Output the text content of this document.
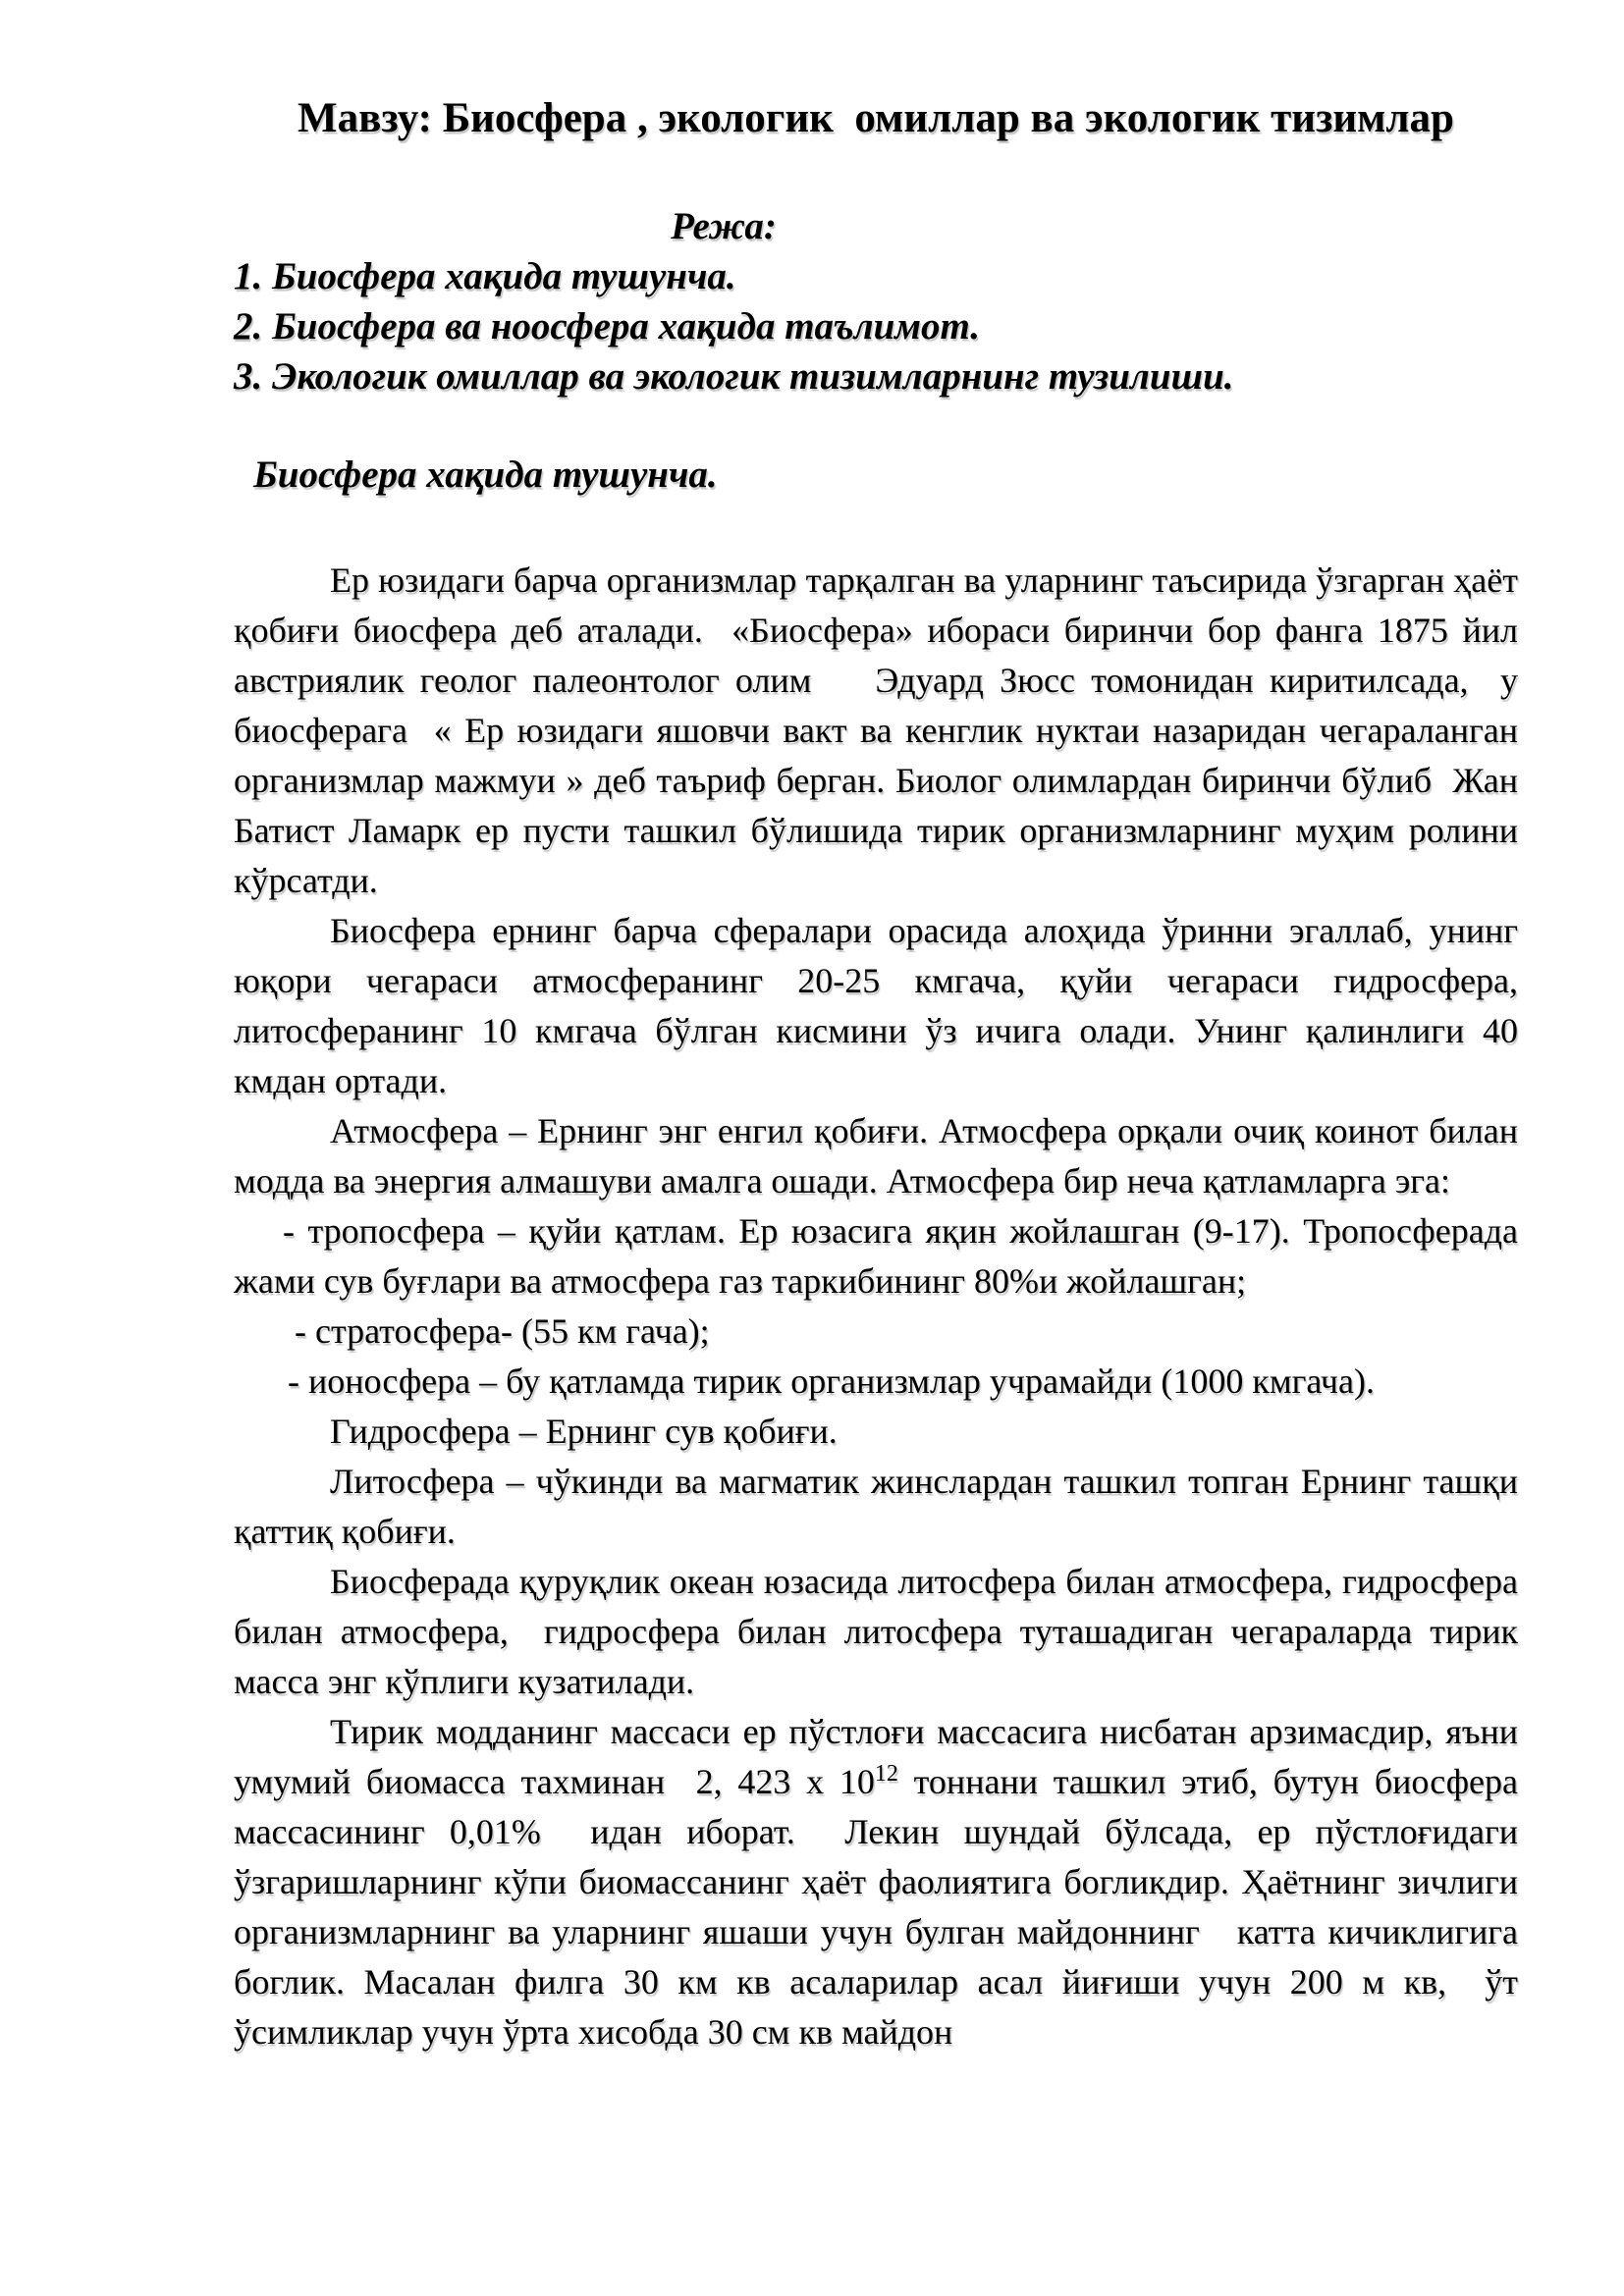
Мавзу: Биосфера , экологик  омиллар ва экологик тизимлар

Режа:

1. Биосфера хақида тушунча.

2. Биосфера ва ноосфера хақида таълимот.

3. Экологик омиллар ва экологик тизимларнинг тузилиши.

Биосфера хақида тушунча.

Ер юзидаги барча организмлар тарқалган ва уларнинг таъсирида ўзгарган ҳаёт қобиғи биосфера деб аталади.  «Биосфера» ибораси биринчи бор фанга 1875 йил  австриялик геолог палеонтолог олим    Эдуард Зюсс томонидан киритилсада,  у биосферага  « Ер юзидаги яшовчи вакт ва кенглик нуктаи назаридан чегараланган организмлар мажмуи » деб таъриф берган. Биолог олимлардан биринчи бўлиб  Жан Батист Ламарк ер пусти ташкил бўлишида тирик организмларнинг муҳим ролини кўрсатди.

Биосфера ернинг барча сфералари орасида алоҳида ўринни эгаллаб, унинг юқори чегараси атмосферанинг 20-25 кмгача, қуйи чегараси гидросфера, литосферанинг 10 кмгача бўлган кисмини ўз ичига олади. Унинг қалинлиги 40 кмдан ортади.

Атмосфера – Ернинг энг енгил қобиғи. Атмосфера орқали очиқ коинот билан модда ва энергия алмашуви амалга ошади. Атмосфера бир неча қатламларга эга:

- тропосфера – қуйи қатлам. Ер юзасига яқин жойлашган (9-17). Тропосферада жами сув буғлари ва атмосфера газ таркибининг 80%и жойлашган;

- стратосфера- (55 км гача);

- ионосфера – бу қатламда тирик организмлар учрамайди (1000 кмгача).

Гидросфера – Ернинг сув қобиғи.

Литосфера – чўкинди ва магматик жинслардан ташкил топган Ернинг ташқи қаттиқ қобиғи.

Биосферада қуруқлик океан юзасида литосфера билан атмосфера, гидросфера билан атмосфера,  гидросфера билан литосфера туташадиган чегараларда тирик масса энг кўплиги кузатилади.

Тирик модданинг массаси ер пўстлоғи массасига нисбатан арзимасдир, яъни умумий биомасса тахминан  2, 423 х $10^{12}$ тоннани ташкил этиб, бутун биосфера массасининг 0,01%  идан иборат.  Лекин шундай бўлсада, ер пўстлоғидаги ўзгаришларнинг кўпи биомассанинг ҳаёт фаолиятига богликдир. Ҳаётнинг зичлиги организмларнинг ва уларнинг яшаши учун булган майдоннинг   катта кичиклигига боглик. Масалан филга 30 км кв асаларилар асал йиғиши учун 200 м кв,  ўт ўсимликлар учун ўрта хисобда 30 см кв майдон
